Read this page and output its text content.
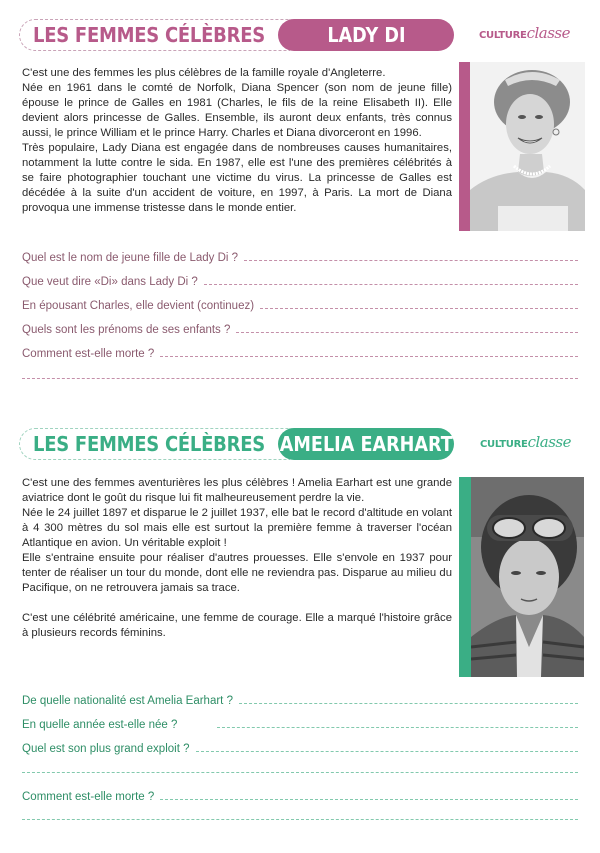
LES FEMMES CÉLÈBRES	LADY DI	CULTUREclasse

C'est une des femmes les plus célèbres de la famille royale d'Angleterre.

Née en 1961 dans le comté de Norfolk, Diana Spencer (son nom de jeune fille) épouse le prince de Galles en 1981 (Charles, le fils de la reine Elisabeth II). Elle devient alors princesse de Galles. Ensemble, ils auront deux enfants, très connus aussi, le prince William et le prince Harry. Charles et Diana divorceront en 1996.

Très populaire, Lady Diana est engagée dans de nombreuses causes humanitaires, notamment la lutte contre le sida. En 1987, elle est l'une des premières célébrités à se faire photographier touchant une victime du virus. La princesse de Galles est décédée à la suite d'un accident de voiture, en 1997, à Paris. La mort de Diana provoqua une immense tristesse dans le monde entier.

Quel est le nom de jeune fille de Lady Di ?
Que veut dire «Di» dans Lady Di ?
En épousant Charles, elle devient (continuez)
Quels sont les prénoms de ses enfants ?
Comment est-elle morte ?
LES FEMMES CÉLÈBRES AMELIA EARHART	CULTUREclasse

C'est une des femmes aventurières les plus célèbres ! Amelia Earhart est une grande aviatrice dont le goût du risque lui fit malheureusement perdre la vie.

Née le 24 juillet 1897 et disparue le 2 juillet 1937, elle bat le record d'altitude en volant à 4 300 mètres du sol mais elle est surtout la première femme à traverser l'océan Atlantique en avion. Un véritable exploit !

Elle s'entraine ensuite pour réaliser d'autres prouesses. Elle s'envole en 1937 pour tenter de réaliser un tour du monde, dont elle ne reviendra pas. Disparue au milieu du Pacifique, on ne retrouvera jamais sa trace.

C'est une célébrité américaine, une femme de courage. Elle a marqué l'histoire grâce à plusieurs records féminins.

De quelle nationalité est Amelia Earhart ?
En quelle année est-elle née ?
Quel est son plus grand exploit ?
Comment est-elle morte ?
